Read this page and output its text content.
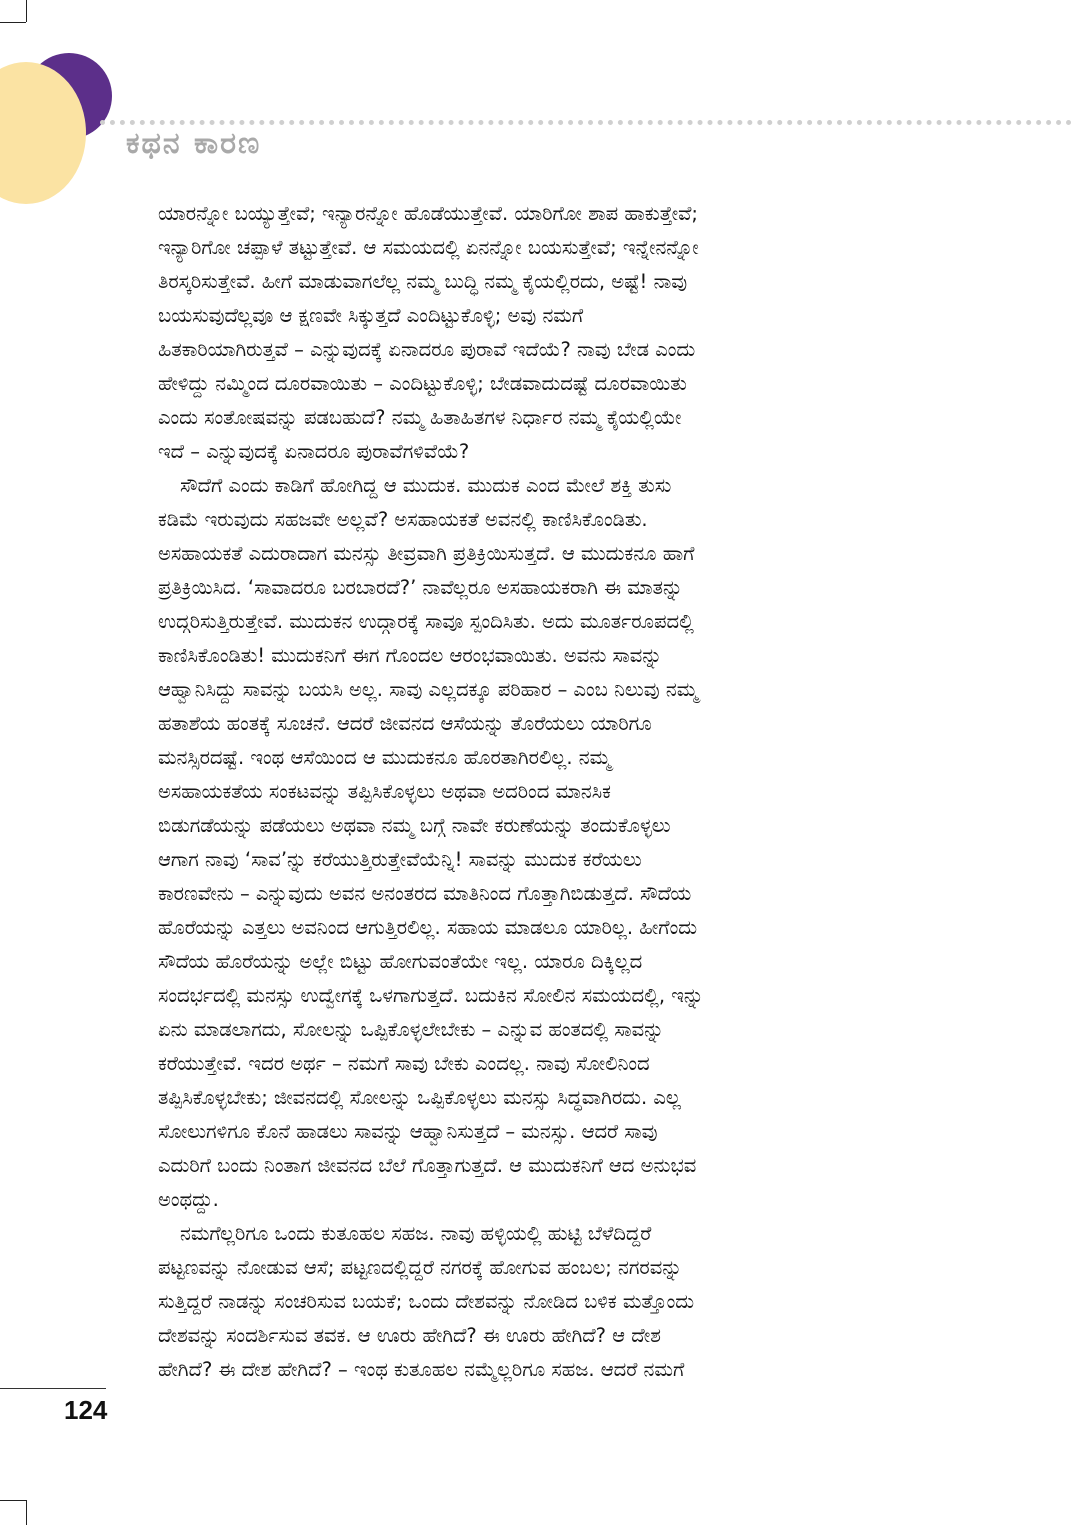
ಕಥನ ಕಾರಣ
ಯಾರನ್ನೋ ಬಯ್ಯುತ್ತೇವೆ; ಇನ್ಯಾರನ್ನೋ ಹೊಡೆಯುತ್ತೇವೆ. ಯಾರಿಗೋ ಶಾಪ ಹಾಕುತ್ತೇವೆ;
ಇನ್ಯಾರಿಗೋ ಚಪ್ಪಾಳೆ ತಟ್ಟುತ್ತೇವೆ. ಆ ಸಮಯದಲ್ಲಿ ಏನನ್ನೋ ಬಯಸುತ್ತೇವೆ; ಇನ್ನೇನನ್ನೋ
ತಿರಸ್ಕರಿಸುತ್ತೇವೆ. ಹೀಗೆ ಮಾಡುವಾಗಲೆಲ್ಲ ನಮ್ಮ ಬುದ್ಧಿ ನಮ್ಮ ಕೈಯಲ್ಲಿರದು, ಅಷ್ಟೆ! ನಾವು
ಬಯಸುವುದೆಲ್ಲವೂ ಆ ಕ್ಷಣವೇ ಸಿಕ್ಕುತ್ತದೆ ಎಂದಿಟ್ಟುಕೊಳ್ಳಿ; ಅವು ನಮಗೆ
ಹಿತಕಾರಿಯಾಗಿರುತ್ತವೆ – ಎನ್ನುವುದಕ್ಕೆ ಏನಾದರೂ ಪುರಾವೆ ಇದೆಯೆ? ನಾವು ಬೇಡ ಎಂದು
ಹೇಳಿದ್ದು ನಮ್ಮಿಂದ ದೂರವಾಯಿತು – ಎಂದಿಟ್ಟುಕೊಳ್ಳಿ; ಬೇಡವಾದುದಷ್ಟೆ ದೂರವಾಯಿತು
ಎಂದು ಸಂತೋಷವನ್ನು ಪಡಬಹುದೆ? ನಮ್ಮ ಹಿತಾಹಿತಗಳ ನಿರ್ಧಾರ ನಮ್ಮ ಕೈಯಲ್ಲಿಯೇ
ಇದೆ – ಎನ್ನುವುದಕ್ಕೆ ಏನಾದರೂ ಪುರಾವೆಗಳಿವೆಯೆ?
ಸೌದೆಗೆ ಎಂದು ಕಾಡಿಗೆ ಹೋಗಿದ್ದ ಆ ಮುದುಕ. ಮುದುಕ ಎಂದ ಮೇಲೆ ಶಕ್ತಿ ತುಸು
ಕಡಿಮೆ ಇರುವುದು ಸಹಜವೇ ಅಲ್ಲವೆ? ಅಸಹಾಯಕತೆ ಅವನಲ್ಲಿ ಕಾಣಿಸಿಕೊಂಡಿತು.
ಅಸಹಾಯಕತೆ ಎದುರಾದಾಗ ಮನಸ್ಸು ತೀವ್ರವಾಗಿ ಪ್ರತಿಕ್ರಿಯಿಸುತ್ತದೆ. ಆ ಮುದುಕನೂ ಹಾಗೆ
ಪ್ರತಿಕ್ರಿಯಿಸಿದ. ‘ಸಾವಾದರೂ ಬರಬಾರದೆ?’ ನಾವೆಲ್ಲರೂ ಅಸಹಾಯಕರಾಗಿ ಈ ಮಾತನ್ನು
ಉದ್ಗರಿಸುತ್ತಿರುತ್ತೇವೆ. ಮುದುಕನ ಉದ್ಗಾರಕ್ಕೆ ಸಾವೂ ಸ್ಪಂದಿಸಿತು. ಅದು ಮೂರ್ತರೂಪದಲ್ಲಿ
ಕಾಣಿಸಿಕೊಂಡಿತು! ಮುದುಕನಿಗೆ ಈಗ ಗೊಂದಲ ಆರಂಭವಾಯಿತು. ಅವನು ಸಾವನ್ನು
ಆಹ್ವಾನಿಸಿದ್ದು ಸಾವನ್ನು ಬಯಸಿ ಅಲ್ಲ. ಸಾವು ಎಲ್ಲದಕ್ಕೂ ಪರಿಹಾರ – ಎಂಬ ನಿಲುವು ನಮ್ಮ
ಹತಾಶೆಯ ಹಂತಕ್ಕೆ ಸೂಚನೆ. ಆದರೆ ಜೀವನದ ಆಸೆಯನ್ನು ತೊರೆಯಲು ಯಾರಿಗೂ
ಮನಸ್ಸಿರದಷ್ಟೆ. ಇಂಥ ಆಸೆಯಿಂದ ಆ ಮುದುಕನೂ ಹೊರತಾಗಿರಲಿಲ್ಲ. ನಮ್ಮ
ಅಸಹಾಯಕತೆಯ ಸಂಕಟವನ್ನು ತಪ್ಪಿಸಿಕೊಳ್ಳಲು ಅಥವಾ ಅದರಿಂದ ಮಾನಸಿಕ
ಬಿಡುಗಡೆಯನ್ನು ಪಡೆಯಲು ಅಥವಾ ನಮ್ಮ ಬಗ್ಗೆ ನಾವೇ ಕರುಣೆಯನ್ನು ತಂದುಕೊಳ್ಳಲು
ಆಗಾಗ ನಾವು ‘ಸಾವ’ನ್ನು ಕರೆಯುತ್ತಿರುತ್ತೇವೆಯೆನ್ನಿ! ಸಾವನ್ನು ಮುದುಕ ಕರೆಯಲು
ಕಾರಣವೇನು – ಎನ್ನುವುದು ಅವನ ಅನಂತರದ ಮಾತಿನಿಂದ ಗೊತ್ತಾಗಿಬಿಡುತ್ತದೆ. ಸೌದೆಯ
ಹೊರೆಯನ್ನು ಎತ್ತಲು ಅವನಿಂದ ಆಗುತ್ತಿರಲಿಲ್ಲ. ಸಹಾಯ ಮಾಡಲೂ ಯಾರಿಲ್ಲ. ಹೀಗೆಂದು
ಸೌದೆಯ ಹೊರೆಯನ್ನು ಅಲ್ಲೇ ಬಿಟ್ಟು ಹೋಗುವಂತೆಯೇ ಇಲ್ಲ. ಯಾರೂ ದಿಕ್ಕಿಲ್ಲದ
ಸಂದರ್ಭದಲ್ಲಿ ಮನಸ್ಸು ಉದ್ವೇಗಕ್ಕೆ ಒಳಗಾಗುತ್ತದೆ. ಬದುಕಿನ ಸೋಲಿನ ಸಮಯದಲ್ಲಿ, ಇನ್ನು
ಏನು ಮಾಡಲಾಗದು, ಸೋಲನ್ನು ಒಪ್ಪಿಕೊಳ್ಳಲೇಬೇಕು – ಎನ್ನುವ ಹಂತದಲ್ಲಿ ಸಾವನ್ನು
ಕರೆಯುತ್ತೇವೆ. ಇದರ ಅರ್ಥ – ನಮಗೆ ಸಾವು ಬೇಕು ಎಂದಲ್ಲ. ನಾವು ಸೋಲಿನಿಂದ
ತಪ್ಪಿಸಿಕೊಳ್ಳಬೇಕು; ಜೀವನದಲ್ಲಿ ಸೋಲನ್ನು ಒಪ್ಪಿಕೊಳ್ಳಲು ಮನಸ್ಸು ಸಿದ್ಧವಾಗಿರದು. ಎಲ್ಲ
ಸೋಲುಗಳಿಗೂ ಕೊನೆ ಹಾಡಲು ಸಾವನ್ನು ಆಹ್ವಾನಿಸುತ್ತದೆ – ಮನಸ್ಸು. ಆದರೆ ಸಾವು
ಎದುರಿಗೆ ಬಂದು ನಿಂತಾಗ ಜೀವನದ ಬೆಲೆ ಗೊತ್ತಾಗುತ್ತದೆ. ಆ ಮುದುಕನಿಗೆ ಆದ ಅನುಭವ
ಅಂಥದ್ದು.
ನಮಗೆಲ್ಲರಿಗೂ ಒಂದು ಕುತೂಹಲ ಸಹಜ. ನಾವು ಹಳ್ಳಿಯಲ್ಲಿ ಹುಟ್ಟಿ ಬೆಳೆದಿದ್ದರೆ
ಪಟ್ಟಣವನ್ನು ನೋಡುವ ಆಸೆ; ಪಟ್ಟಣದಲ್ಲಿದ್ದರೆ ನಗರಕ್ಕೆ ಹೋಗುವ ಹಂಬಲ; ನಗರವನ್ನು
ಸುತ್ತಿದ್ದರೆ ನಾಡನ್ನು ಸಂಚರಿಸುವ ಬಯಕೆ; ಒಂದು ದೇಶವನ್ನು ನೋಡಿದ ಬಳಿಕ ಮತ್ತೊಂದು
ದೇಶವನ್ನು ಸಂದರ್ಶಿಸುವ ತವಕ. ಆ ಊರು ಹೇಗಿದೆ? ಈ ಊರು ಹೇಗಿದೆ? ಆ ದೇಶ
ಹೇಗಿದೆ? ಈ ದೇಶ ಹೇಗಿದೆ? – ಇಂಥ ಕುತೂಹಲ ನಮ್ಮೆಲ್ಲರಿಗೂ ಸಹಜ. ಆದರೆ ನಮಗೆ
124
